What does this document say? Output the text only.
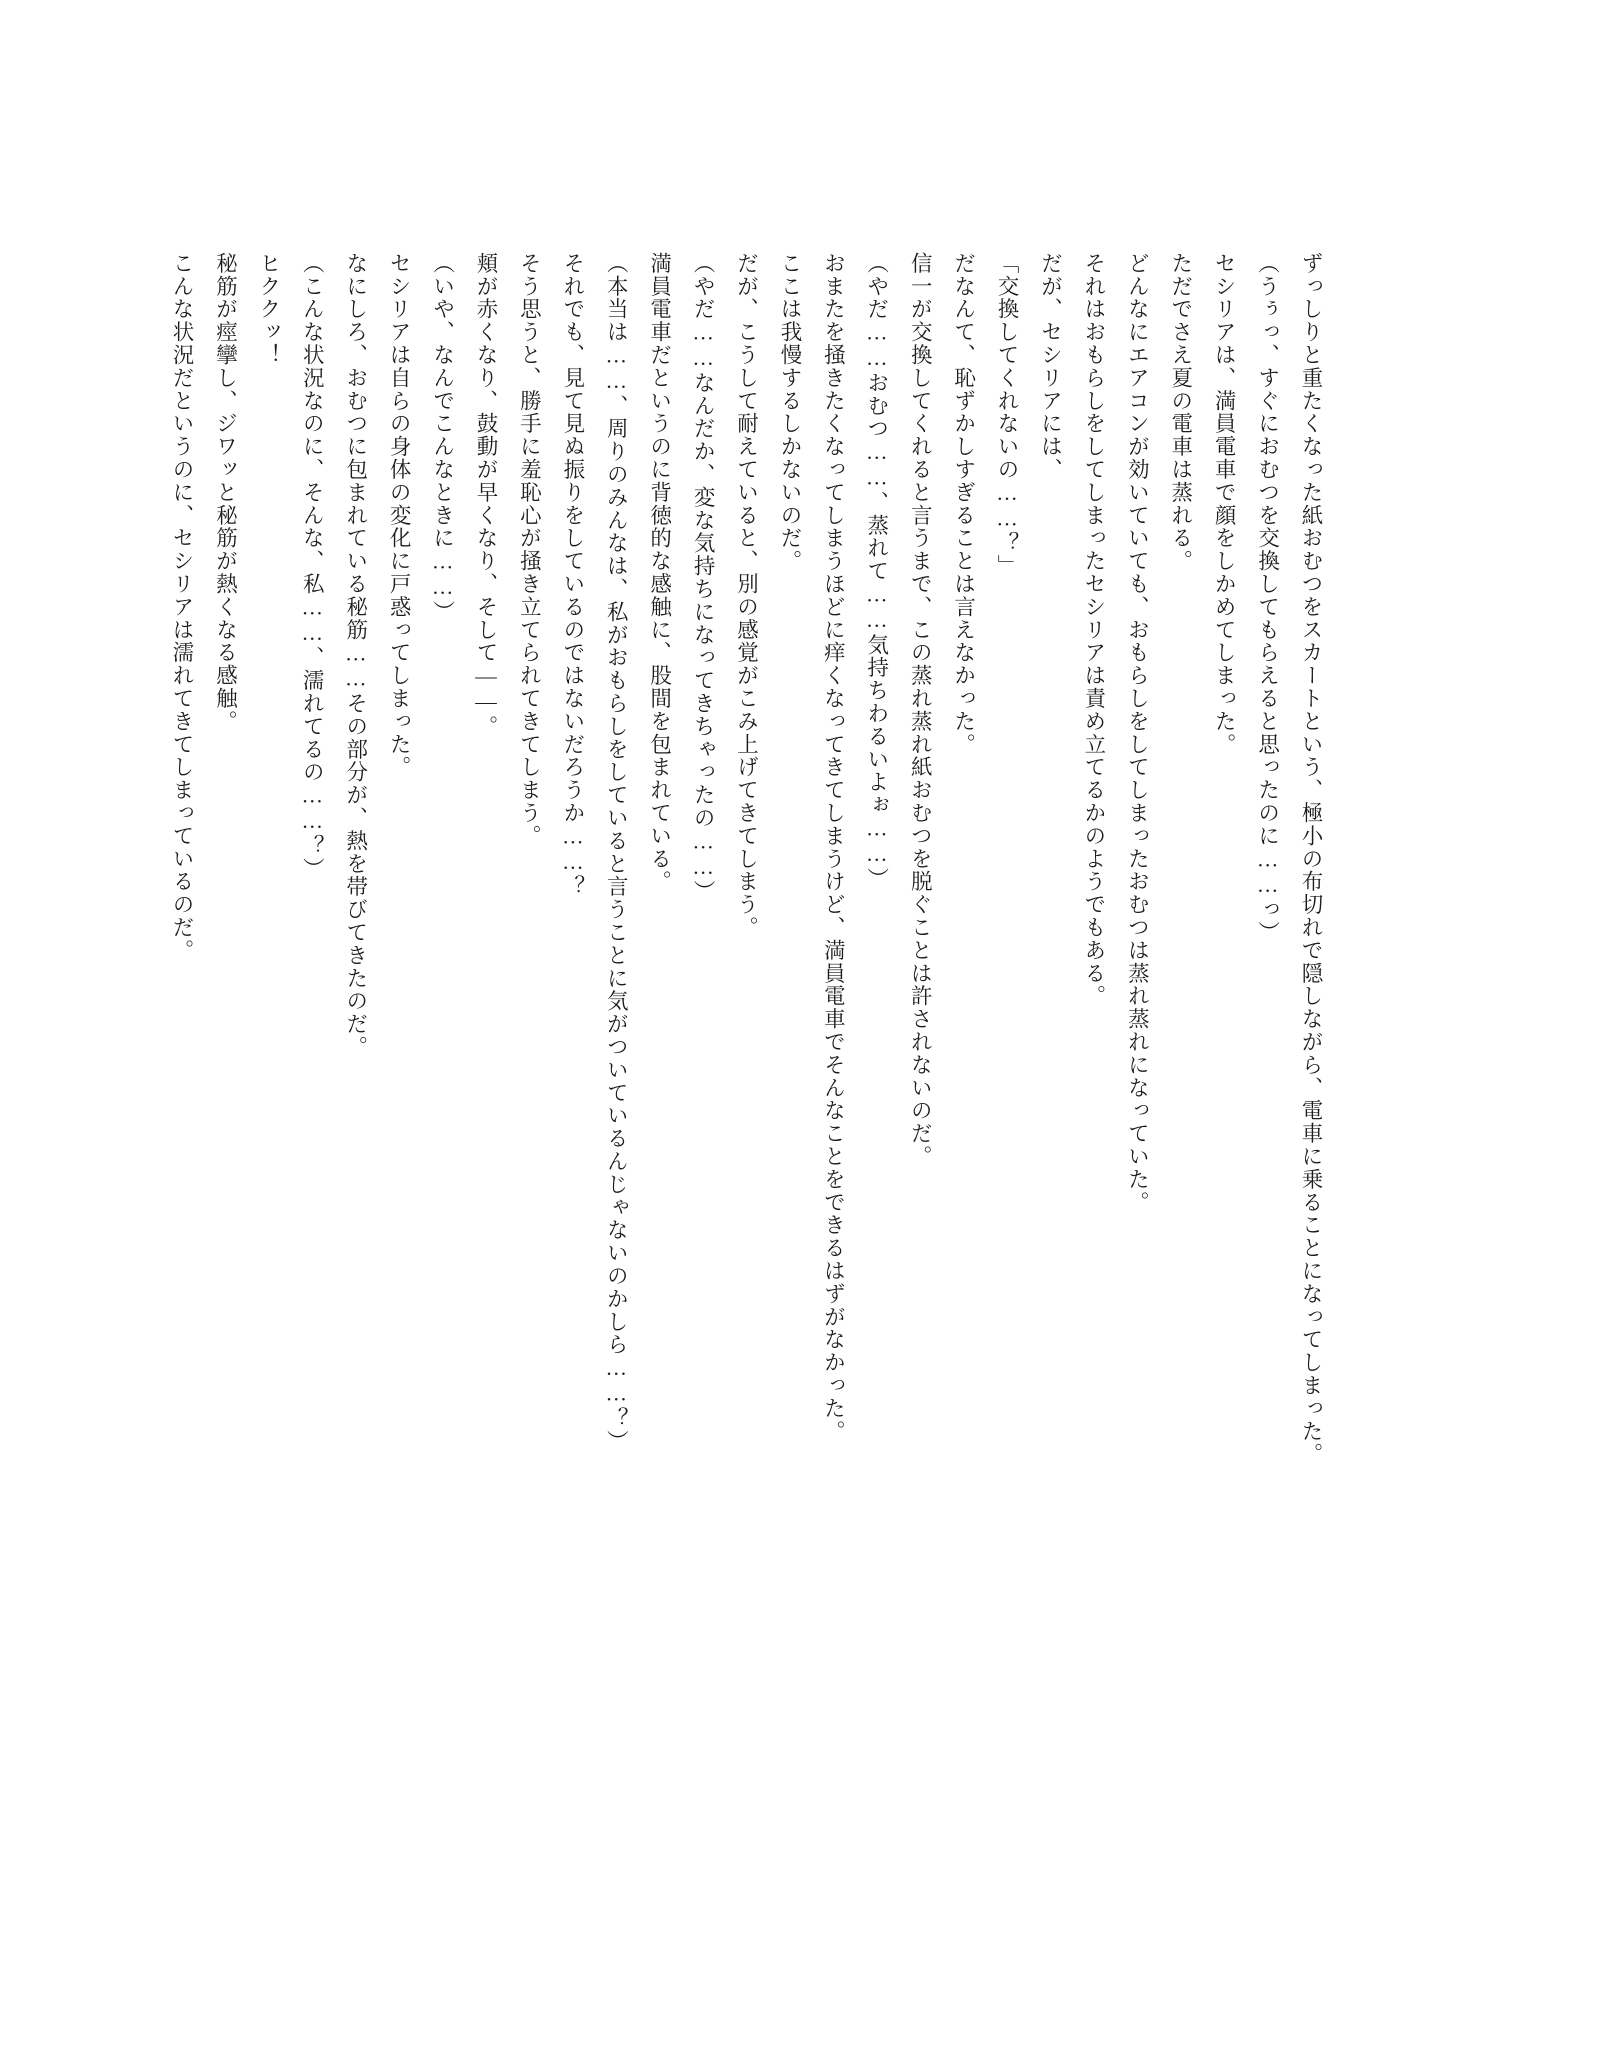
ずっしりと重たくなった紙おむつをスカートという、極小の布切れで隠しながら、電車に乗ることになってしまった。

（うぅっ、すぐにおむつを交換してもらえると思ったのに……っ）

セシリアは、満員電車で顔をしかめてしまった。

ただでさえ夏の電車は蒸れる。

どんなにエアコンが効いていても、おもらしをしてしまったおむつは蒸れ蒸れになっていた。

それはおもらしをしてしまったセシリアは責め立てるかのようでもある。

だが、セシリアには、

「交換してくれないの……？」

だなんて、恥ずかしすぎることは言えなかった。

信一が交換してくれると言うまで、この蒸れ蒸れ紙おむつを脱ぐことは許されないのだ。

（やだ……おむつ……、蒸れて……気持ちわるいよぉ……）

おまたを掻きたくなってしまうほどに痒くなってきてしまうけど、満員電車でそんなことをできるはずがなかった。

ここは我慢するしかないのだ。

だが、こうして耐えていると、別の感覚がこみ上げてきてしまう。

（やだ……なんだか、変な気持ちになってきちゃったの……）

満員電車だというのに背徳的な感触に、股間を包まれている。

（本当は……、周りのみんなは、私がおもらしをしていると言うことに気がついているんじゃないのかしら……？）

それでも、見て見ぬ振りをしているのではないだろうか……？

そう思うと、勝手に羞恥心が掻き立てられてきてしまう。

頬が赤くなり、鼓動が早くなり、そして——。

（いや、なんでこんなときに……）

セシリアは自らの身体の変化に戸惑ってしまった。

なにしろ、おむつに包まれている秘筋……その部分が、熱を帯びてきたのだ。

（こんな状況なのに、そんな、私……、濡れてるの……？）

ヒククッ！

秘筋が痙攣し、ジワッと秘筋が熱くなる感触。

こんな状況だというのに、セシリアは濡れてきてしまっているのだ。
